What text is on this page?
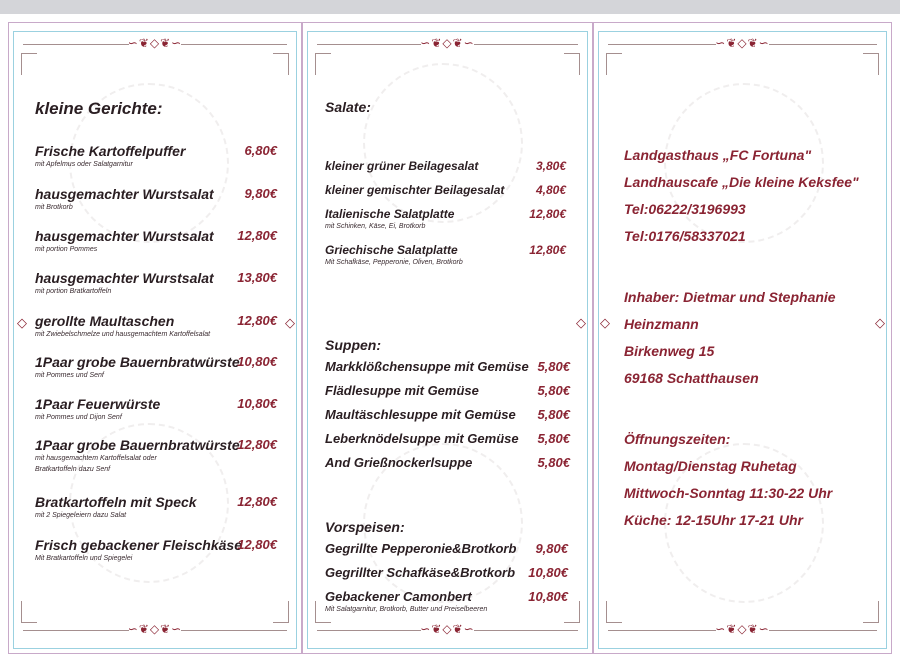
∽❦◇❦∽
∽❦◇❦∽
◇	◇
kleine Gerichte:
Frische Kartoffelpuffer
mit Apfelmus oder Salatgarnitur
6,80€
hausgemachter Wurstsalat
mit Brotkorb
9,80€
hausgemachter Wurstsalat
mit portion Pommes
12,80€
hausgemachter Wurstsalat
mit portion Bratkartoffeln
13,80€
gerollte Maultaschen
mit Zwiebelschmelze und hausgemachtem Kartoffelsalat
12,80€
1Paar grobe Bauernbratwürste
mit Pommes und Senf
10,80€
1Paar Feuerwürste
mit Pommes und Dijon Senf
10,80€
1Paar grobe Bauernbratwürste
mit hausgemachtem Kartoffelsalat oder
Bratkartoffeln dazu Senf
12,80€
Bratkartoffeln mit Speck
mit 2 Spiegeleiern dazu Salat
12,80€
Frisch gebackener Fleischkäse
Mit Bratkartoffeln und Spiegelei
12,80€
∽❦◇❦∽
∽❦◇❦∽
◇
Salate:
Suppen:
Vorspeisen:
kleiner grüner Beilagesalat	3,80€
kleiner gemischter Beilagesalat	4,80€
Italienische Salatplatte
mit Schinken, Käse, Ei, Brotkorb
12,80€
Griechische Salatplatte
Mit Schafkäse, Pepperonie, Oliven, Brotkorb
12,80€
Markklößchensuppe mit Gemüse 5,80€
Flädlesuppe mit Gemüse	5,80€
Maultäschlesuppe mit Gemüse 5,80€
Leberknödelsuppe mit Gemüse 5,80€
And Grießnockerlsuppe	5,80€
Gegrillte Pepperonie&Brotkorb 9,80€
Gegrillter Schafkäse&Brotkorb 10,80€
Gebackener Camonbert
Mit Salatgarnitur, Brotkorb, Butter und Preiselbeeren
10,80€
∽❦◇❦∽
∽❦◇❦∽
◇	◇
Landgasthaus „FC Fortuna"
Landhauscafe „Die kleine Keksfee"
Tel:06222/3196993
Tel:0176/58337021
Inhaber: Dietmar und Stephanie
Heinzmann
Birkenweg 15
69168 Schatthausen
Öffnungszeiten:
Montag/Dienstag Ruhetag
Mittwoch-Sonntag 11:30-22 Uhr
Küche: 12-15Uhr 17-21 Uhr
